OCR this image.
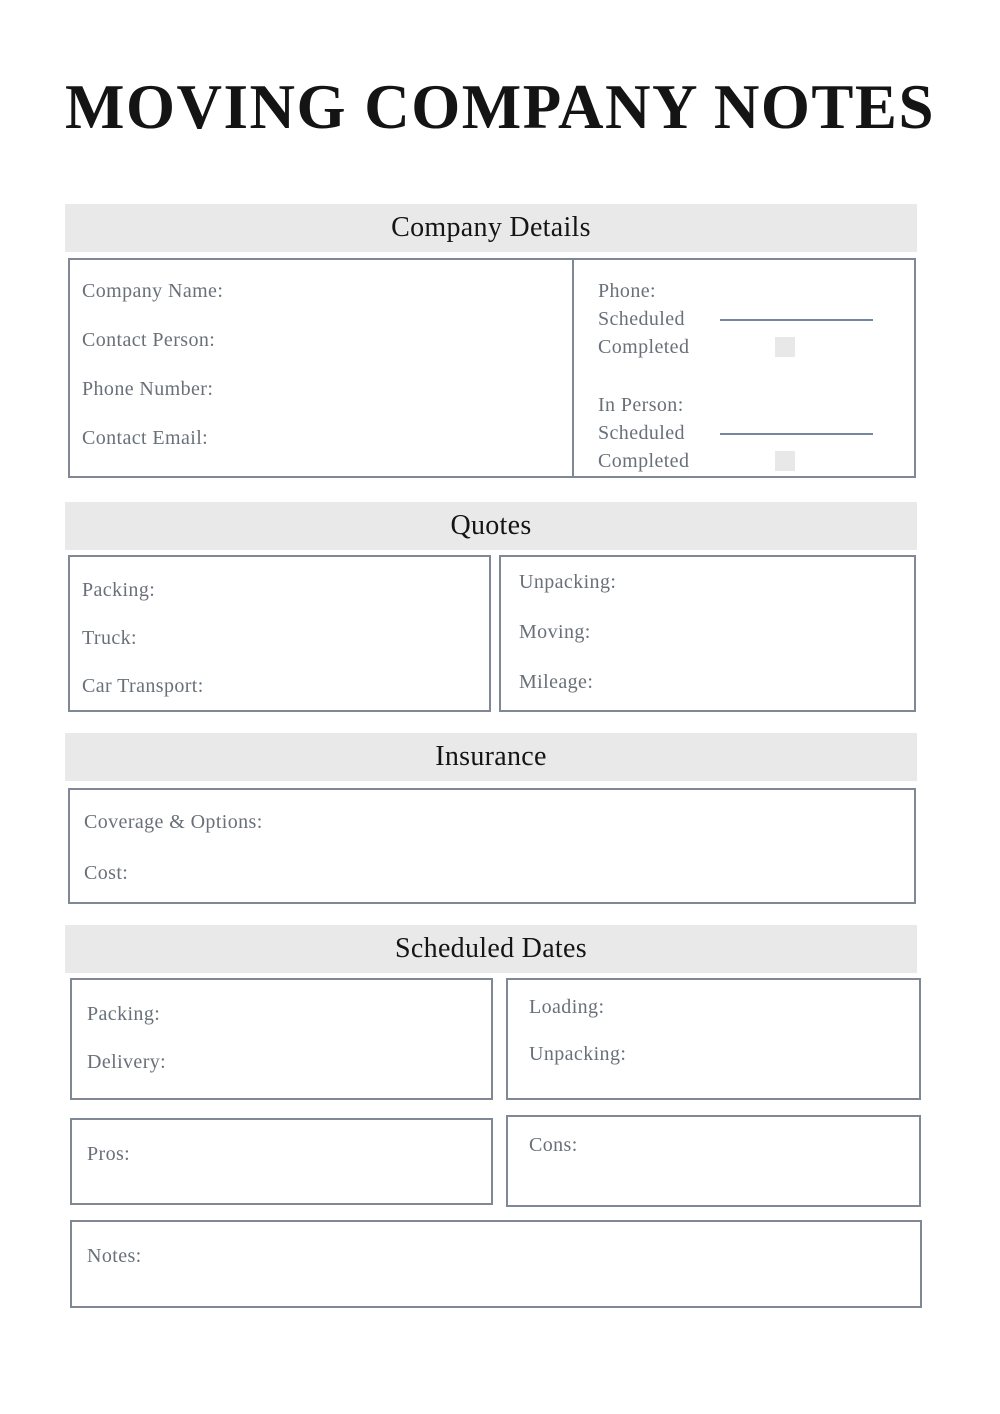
MOVING COMPANY NOTES
Company Details
Company Name:
Contact Person:
Phone Number:
Contact Email:
Phone:
Scheduled
Completed
In Person:
Scheduled
Completed
Quotes
Packing:
Truck:
Car Transport:
Unpacking:
Moving:
Mileage:
Insurance
Coverage & Options:
Cost:
Scheduled Dates
Packing:
Delivery:
Loading:
Unpacking:
Pros:	Cons:
Notes:
